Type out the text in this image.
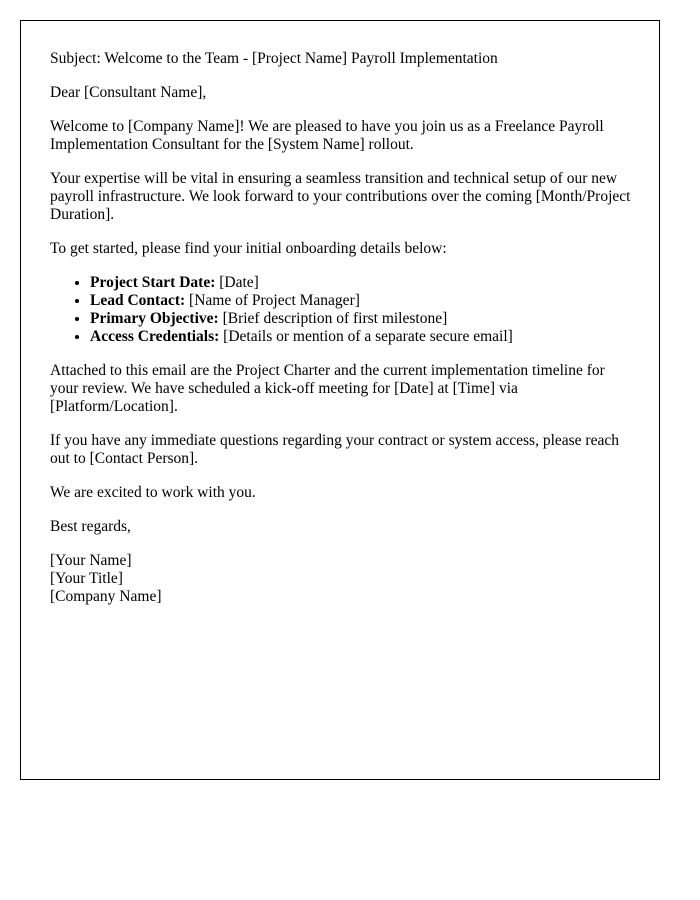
Subject: Welcome to the Team - [Project Name] Payroll Implementation

Dear [Consultant Name],

Welcome to [Company Name]! We are pleased to have you join us as a Freelance Payroll Implementation Consultant for the [System Name] rollout.

Your expertise will be vital in ensuring a seamless transition and technical setup of our new payroll infrastructure. We look forward to your contributions over the coming [Month/Project Duration].

To get started, please find your initial onboarding details below:

• Project Start Date: [Date]
• Lead Contact: [Name of Project Manager]
• Primary Objective: [Brief description of first milestone]
• Access Credentials: [Details or mention of a separate secure email]

Attached to this email are the Project Charter and the current implementation timeline for your review. We have scheduled a kick-off meeting for [Date] at [Time] via [Platform/Location].

If you have any immediate questions regarding your contract or system access, please reach out to [Contact Person].

We are excited to work with you.

Best regards,

[Your Name]
[Your Title]
[Company Name]
